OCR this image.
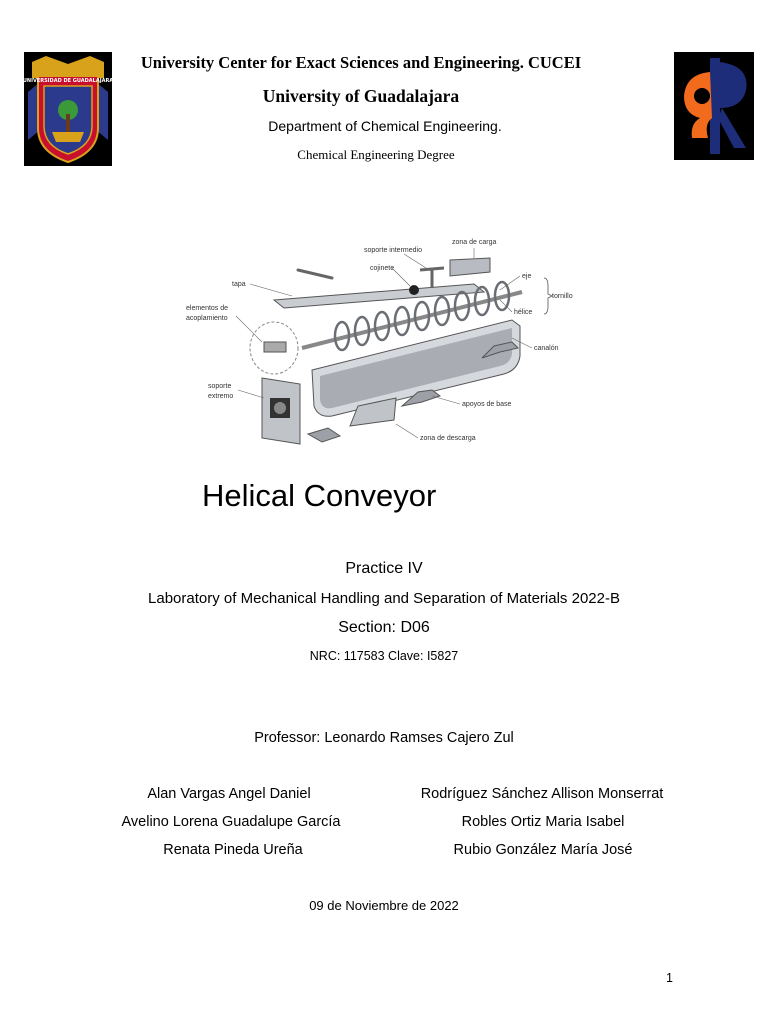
UNIVERSIDAD DE GUADALAJARA
University Center for Exact Sciences and Engineering. CUCEI
University of Guadalajara
Department of Chemical Engineering.
Chemical Engineering Degree
soporte intermedio
zona de carga
cojinete
tapa
eje
tornillo
hélice
elementos de
acoplamiento
canalón
soporte
extremo
apoyos de base
zona de descarga
Helical Conveyor
Practice IV
Laboratory of Mechanical Handling and Separation of Materials 2022-B
Section: D06
NRC: 117583 Clave: I5827
Professor: Leonardo Ramses Cajero Zul
Alan Vargas Angel Daniel
Avelino Lorena Guadalupe García
Renata Pineda Ureña
Rodríguez Sánchez Allison Monserrat
Robles Ortiz Maria Isabel
Rubio González María José
09 de Noviembre de 2022
1
